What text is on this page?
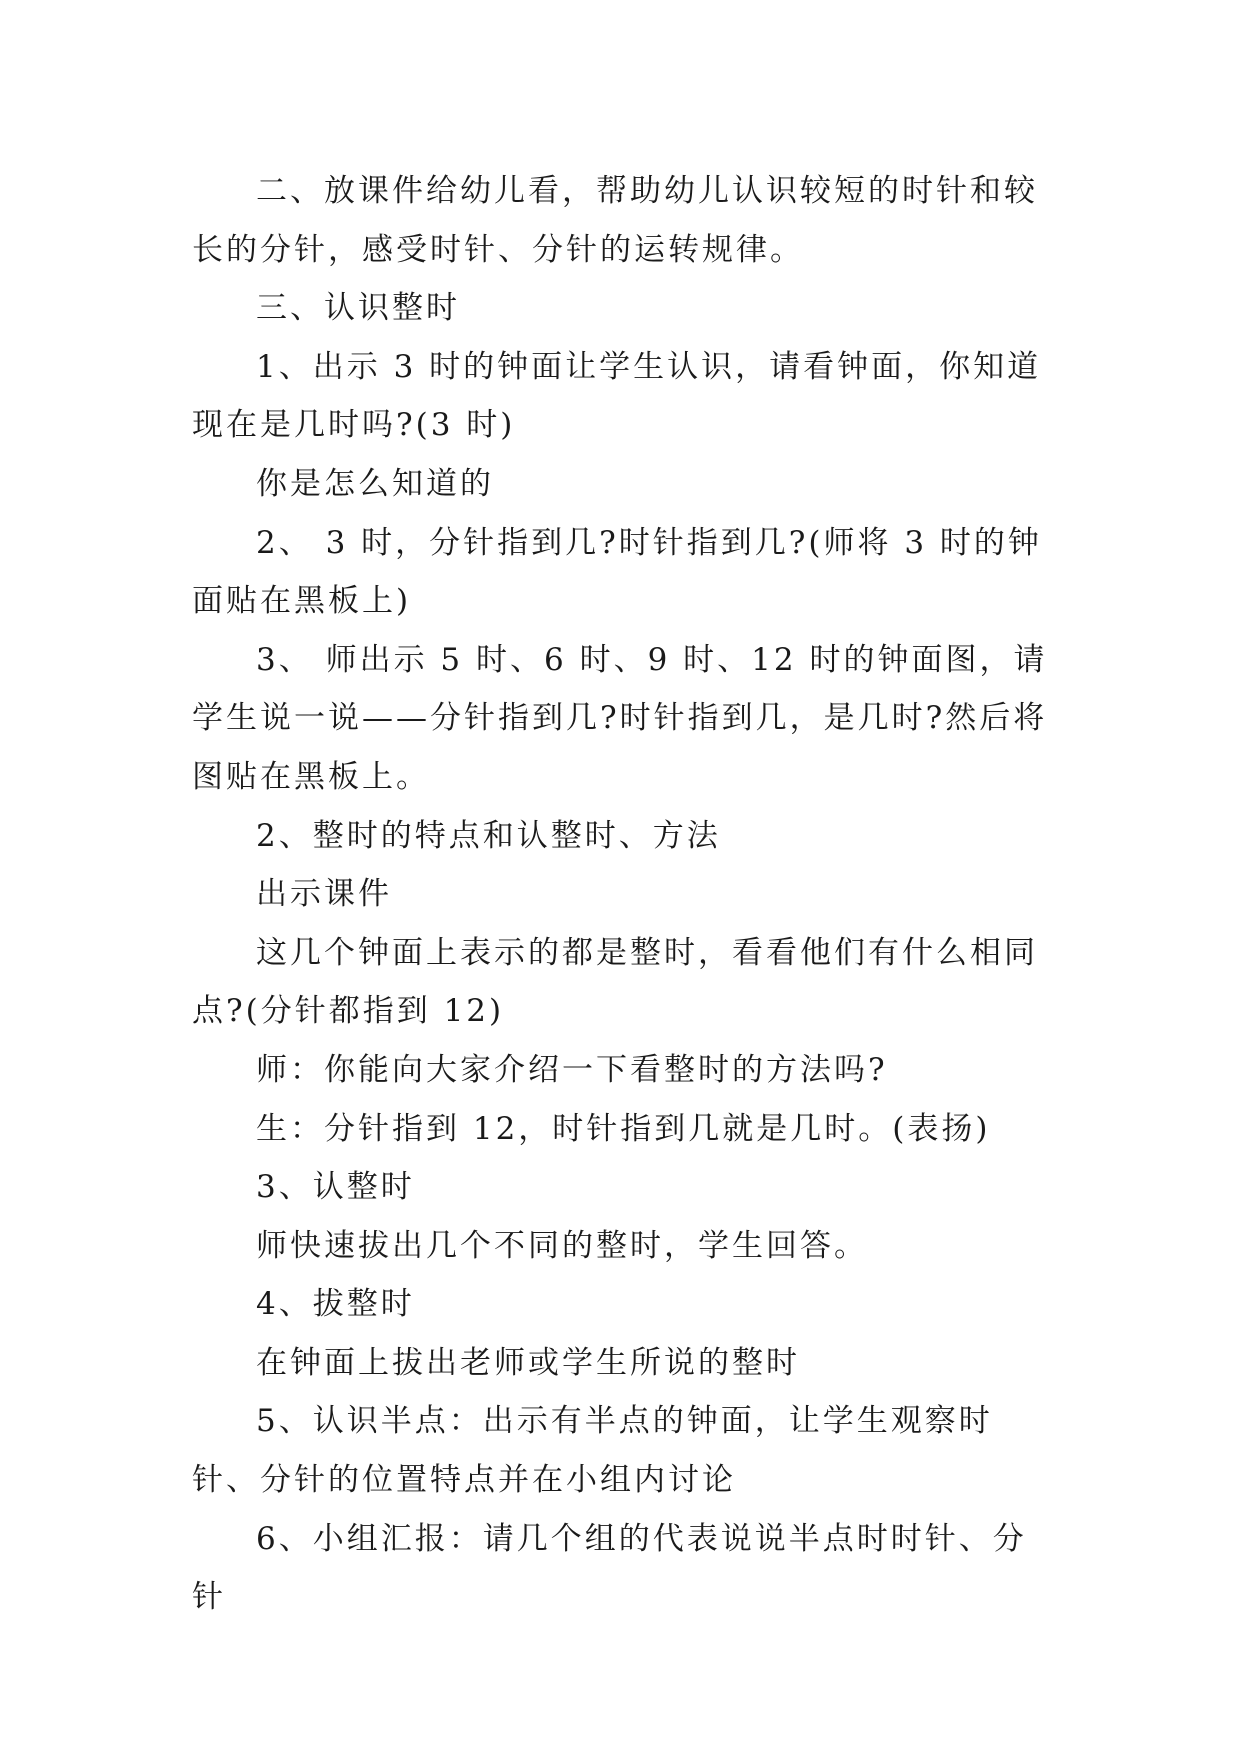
二、放课件给幼儿看，帮助幼儿认识较短的时针和较长的分针，感受时针、分针的运转规律。

三、认识整时

1、出示 3 时的钟面让学生认识，请看钟面，你知道现在是几时吗?(3 时)

你是怎么知道的

2、 3 时，分针指到几?时针指到几?(师将 3 时的钟面贴在黑板上)

3、 师出示 5 时、6 时、9 时、12 时的钟面图，请学生说一说——分针指到几?时针指到几，是几时?然后将图贴在黑板上。

2、整时的特点和认整时、方法

出示课件

这几个钟面上表示的都是整时，看看他们有什么相同点?(分针都指到 12)

师：你能向大家介绍一下看整时的方法吗?

生：分针指到 12，时针指到几就是几时。(表扬)

3、认整时

师快速拔出几个不同的整时，学生回答。

4、拔整时

在钟面上拔出老师或学生所说的整时

5、认识半点：出示有半点的钟面，让学生观察时针、分针的位置特点并在小组内讨论

6、小组汇报：请几个组的代表说说半点时时针、分针
